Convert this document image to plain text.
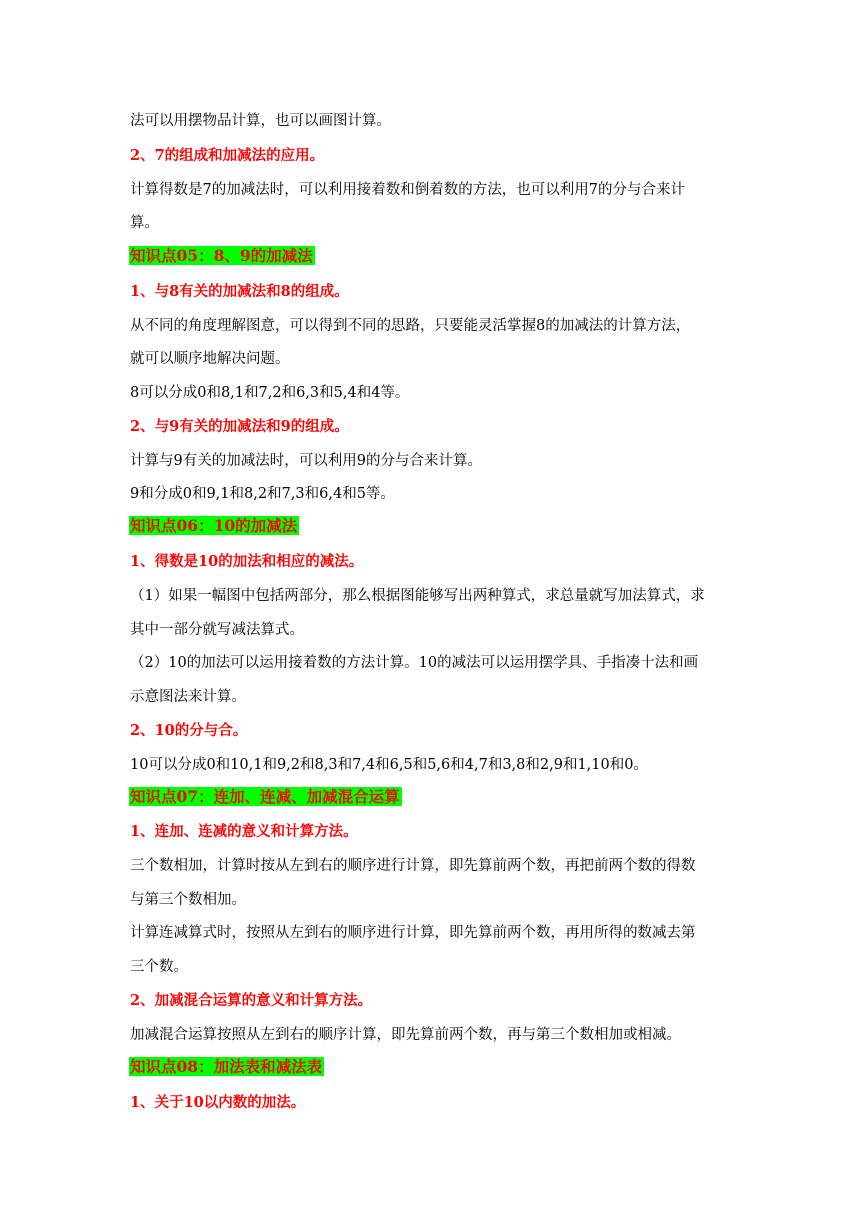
法可以用摆物品计算，也可以画图计算。
2、7的组成和加减法的应用。
计算得数是7的加减法时，可以利用接着数和倒着数的方法，也可以利用7的分与合来计
算。
知识点05：8、9的加减法
1、与8有关的加减法和8的组成。
从不同的角度理解图意，可以得到不同的思路，只要能灵活掌握8的加减法的计算方法，
就可以顺序地解决问题。
8可以分成0和8,1和7,2和6,3和5,4和4等。
2、与9有关的加减法和9的组成。
计算与9有关的加减法时，可以利用9的分与合来计算。
9和分成0和9,1和8,2和7,3和6,4和5等。
知识点06：10的加减法
1、得数是10的加法和相应的减法。
（1）如果一幅图中包括两部分，那么根据图能够写出两种算式，求总量就写加法算式，求
其中一部分就写减法算式。
（2）10的加法可以运用接着数的方法计算。10的减法可以运用摆学具、手指凑十法和画
示意图法来计算。
2、10的分与合。
10可以分成0和10,1和9,2和8,3和7,4和6,5和5,6和4,7和3,8和2,9和1,10和0。
知识点07：连加、连减、加减混合运算
1、连加、连减的意义和计算方法。
三个数相加，计算时按从左到右的顺序进行计算，即先算前两个数，再把前两个数的得数
与第三个数相加。
计算连减算式时，按照从左到右的顺序进行计算，即先算前两个数，再用所得的数减去第
三个数。
2、加减混合运算的意义和计算方法。
加减混合运算按照从左到右的顺序计算，即先算前两个数，再与第三个数相加或相减。
知识点08：加法表和减法表
1、关于10以内数的加法。
